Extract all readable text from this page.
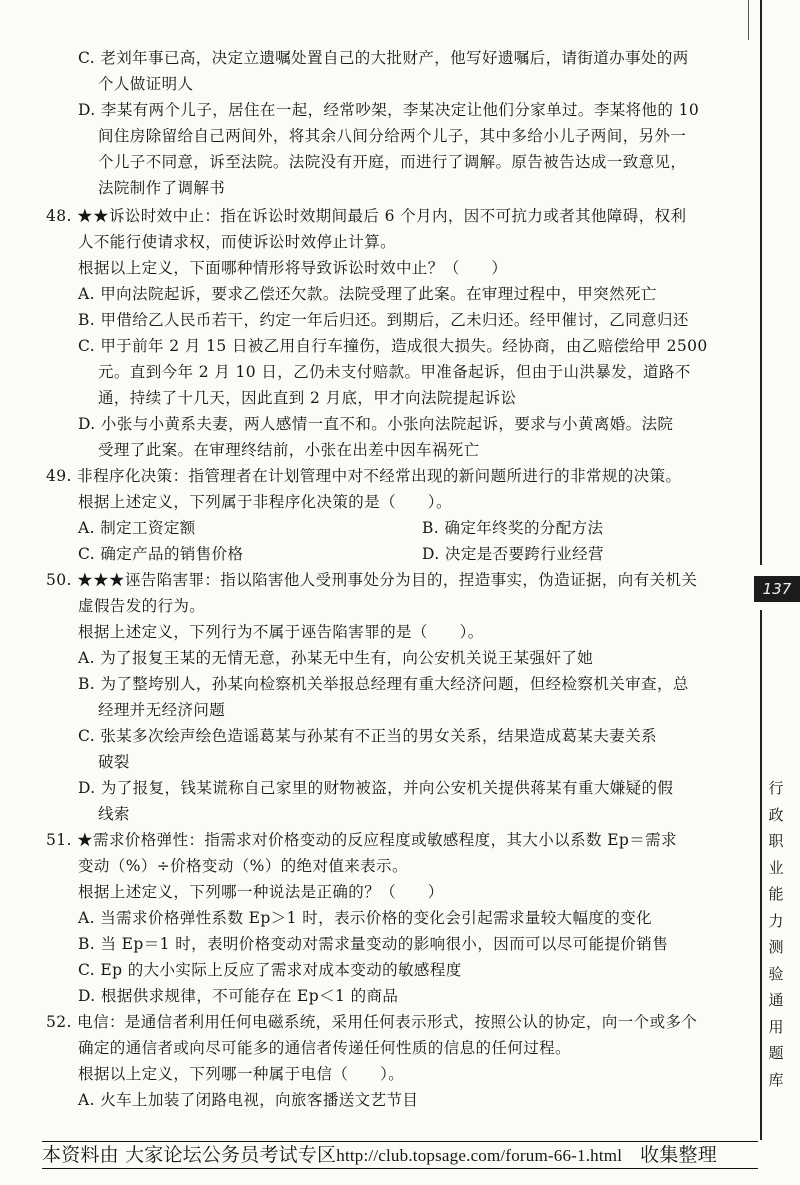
C. 老刘年事已高，决定立遗嘱处置自己的大批财产，他写好遗嘱后，请街道办事处的两
个人做证明人
D. 李某有两个儿子，居住在一起，经常吵架，李某决定让他们分家单过。李某将他的 10
间住房除留给自己两间外，将其余八间分给两个儿子，其中多给小儿子两间，另外一
个儿子不同意，诉至法院。法院没有开庭，而进行了调解。原告被告达成一致意见，
法院制作了调解书
48. ★★诉讼时效中止：指在诉讼时效期间最后 6 个月内，因不可抗力或者其他障碍，权利
人不能行使请求权，而使诉讼时效停止计算。
根据以上定义，下面哪种情形将导致诉讼时效中止？（　　）
A. 甲向法院起诉，要求乙偿还欠款。法院受理了此案。在审理过程中，甲突然死亡
B. 甲借给乙人民币若干，约定一年后归还。到期后，乙未归还。经甲催讨，乙同意归还
C. 甲于前年 2 月 15 日被乙用自行车撞伤，造成很大损失。经协商，由乙赔偿给甲 2500
元。直到今年 2 月 10 日，乙仍未支付赔款。甲准备起诉，但由于山洪暴发，道路不
通，持续了十几天，因此直到 2 月底，甲才向法院提起诉讼
D. 小张与小黄系夫妻，两人感情一直不和。小张向法院起诉，要求与小黄离婚。法院
受理了此案。在审理终结前，小张在出差中因车祸死亡
49. 非程序化决策：指管理者在计划管理中对不经常出现的新问题所进行的非常规的决策。
根据上述定义，下列属于非程序化决策的是（　　）。
A. 制定工资定额	B. 确定年终奖的分配方法
C. 确定产品的销售价格	D. 决定是否要跨行业经营
50. ★★★诬告陷害罪：指以陷害他人受刑事处分为目的，捏造事实，伪造证据，向有关机关
虚假告发的行为。
根据上述定义，下列行为不属于诬告陷害罪的是（　　）。
A. 为了报复王某的无情无意，孙某无中生有，向公安机关说王某强奸了她
B. 为了整垮别人，孙某向检察机关举报总经理有重大经济问题，但经检察机关审查，总
经理并无经济问题
C. 张某多次绘声绘色造谣葛某与孙某有不正当的男女关系，结果造成葛某夫妻关系
破裂
D. 为了报复，钱某谎称自己家里的财物被盗，并向公安机关提供蒋某有重大嫌疑的假
线索
51. ★需求价格弹性：指需求对价格变动的反应程度或敏感程度，其大小以系数 Ep＝需求
变动（%）÷价格变动（%）的绝对值来表示。
根据上述定义，下列哪一种说法是正确的？（　　）
A. 当需求价格弹性系数 Ep＞1 时，表示价格的变化会引起需求量较大幅度的变化
B. 当 Ep＝1 时，表明价格变动对需求量变动的影响很小，因而可以尽可能提价销售
C. Ep 的大小实际上反应了需求对成本变动的敏感程度
D. 根据供求规律，不可能存在 Ep＜1 的商品
52. 电信：是通信者利用任何电磁系统，采用任何表示形式，按照公认的协定，向一个或多个
确定的通信者或向尽可能多的通信者传递任何性质的信息的任何过程。
根据以上定义，下列哪一种属于电信（　　）。
A. 火车上加装了闭路电视，向旅客播送文艺节目
137
行政职业能力测验通用题库
本资料由 大家论坛公务员考试专区http://club.topsage.com/forum-66-1.html 收集整理
